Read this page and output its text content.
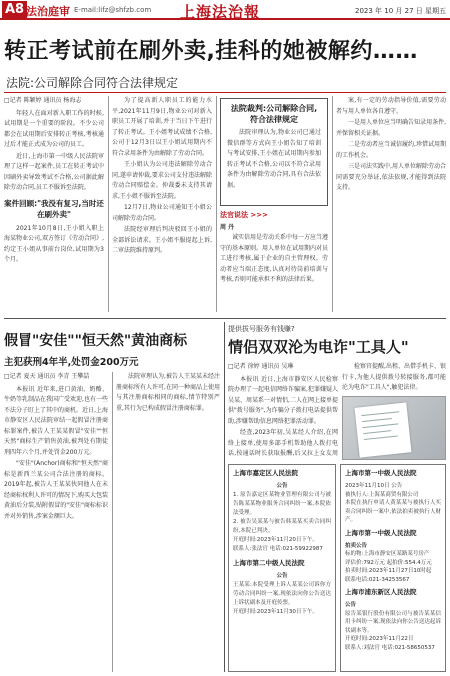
A8 法治庭审 E-mail:lifz@shfzb.com 上海法治報	2023 年 10 月 27 日 星期五
转正考试前在刷外卖,挂科的她被解约……
法院:公司解除合同符合法律规定
□记者 陈颖婷 通讯员 杨海志

年轻人在面对新入职工作的时候,试用期是一个重要的阶段。不少公司都会在试用期后安排转正考核,考核通过后才能正式成为公司的员工。

近日,上海市第一中级人民法院审理了这样一起案件,员工在转正考试中因刷外卖导致考试不合格,公司据此解除劳动合同,员工不服诉至法院。

案件回顾:"我没有复习,当时还在刷外卖"

2021年10月8日,王小姐入职上海某物业公司,双方签订《劳动合同》,约定王小姐从事前台岗位,试用期为3个月。

为了提高新人职员工的能力水平,2021年11月9日,物业公司对新入职员工开展了培训,并于当日下午进行了转正考试。王小姐考试成绩不合格,公司于12月3日以王小姐试用期内不符合录用条件为由解除了劳动合同。

王小姐认为公司违法解除劳动合同,遂申请仲裁,要求公司支付违法解除劳动合同赔偿金。仲裁委未支持其请求,王小姐不服诉至法院。

12月7日,物业公司通知王小姐公司解除劳动合同。

法院经审理后判决驳回王小姐的全部诉讼请求。王小姐不服提起上诉,二审法院维持原判。

法院裁判:公司解除合同,符合法律规定

法院审理认为,物业公司已通过微信群等方式向王小姐告知了培训与考试安排,王小姐在试用期内参加转正考试不合格,公司以不符合录用条件为由解除劳动合同,具有合法依据。

法官说法 >>>
周 丹

诚实信用是劳动关系中每一方应当遵守的基本原则。用人单位在试用期内对员工进行考核,属于企业的自主管理权。劳动者应当端正态度,认真对待岗前培训与考核,否则可能承担不利的法律后果。

案,有一定的劳动指导价值,需要劳动者与用人单位各自遵守。

一是用人单位应当明确告知录用条件,并保留相关证据。

二是劳动者应当诚信履约,珍惜试用期的工作机会。

三是司法实践中,用人单位解除劳动合同需要充分举证,依法依规,才能得到法院支持。

假冒"安佳""恒天然"黄油商标
主犯获刑4年半,处罚金200万元
□记者 夏天 通讯员 李青 王攀喆

本报讯 近年来,进口黄油、奶酪、牛奶等乳制品在我国广受欢迎,也有一些不法分子盯上了其中的商机。近日,上海市静安区人民法院审结一起假冒注册商标罪案件,被告人王某某假冒"安佳""恒天然"商标生产销售黄油,被判处有期徒刑四年六个月,并处罚金200万元。

"安佳"(Anchor)商标和"恒天然"商标是新西兰某公司合法注册的商标。2019年起,被告人王某某伙同他人在未经商标权利人许可的情况下,购买大包装黄油后分装,贴附假冒的"安佳"商标标识并对外销售,涉案金额巨大。

法院审理认为,被告人王某某未经注册商标所有人许可,在同一种商品上使用与其注册商标相同的商标,情节特别严重,其行为已构成假冒注册商标罪。

提供拔号服务有钱赚?
情侣双双沦为电诈"工具人"
□记者 徐婷 通讯员 吴琳

本报讯 近日,上海市静安区人民检察院办理了一起电信网络诈骗案,犯罪嫌疑人吴某、周某系一对情侣,二人在网上接单提供"拨号服务",为诈骗分子拨打电话提供帮助,涉嫌帮助信息网络犯罪活动罪。

经查,2023年初,吴某经人介绍,在网络上接单,使用多部手机帮助他人拨打电话,按通话时长获取报酬,后又拉上女友周

检察官提醒,出租、出借手机卡、银行卡,为他人提供拨号转接服务,都可能沦为电诈"工具人",触犯法律。

上海市嘉定区人民法院
公告
1. 原告嘉定区某物业管理有限公司与被告陈某某物业服务合同纠纷一案,本院依法受理。
2. 被告吴某某与被告韩某某买卖合同纠纷,本院已判决。
开庭时间:2023年11月20日下午。
联系人:张法官 电话:021-59922987
上海市第二中级人民法院
公告
王某某:本院受理上诉人某某公司诉你方劳动合同纠纷一案,现依法向你公告送达上诉状副本及开庭传票。
开庭时间:2023年11月30日下午。
上海市第一中级人民法院
2023年11月10日 公告
被执行人:上海某商贸有限公司
本院在执行申请人黄某某与被执行人买卖合同纠纷一案中,依法拍卖被执行人财产。
上海市第一中级人民法院
拍卖公告
标的物:上海市静安区某路某号房产
评估价:792万元 起拍价:554.4万元
拍卖时间:2023年11月27日10时起
联系电话:021-34253567
上海市浦东新区人民法院
公告
原告某银行股份有限公司与被告某某信用卡纠纷一案,现依法向你公告送达起诉状副本等。
开庭时间:2023年11月22日
联系人:刘法官 电话:021-58650537
